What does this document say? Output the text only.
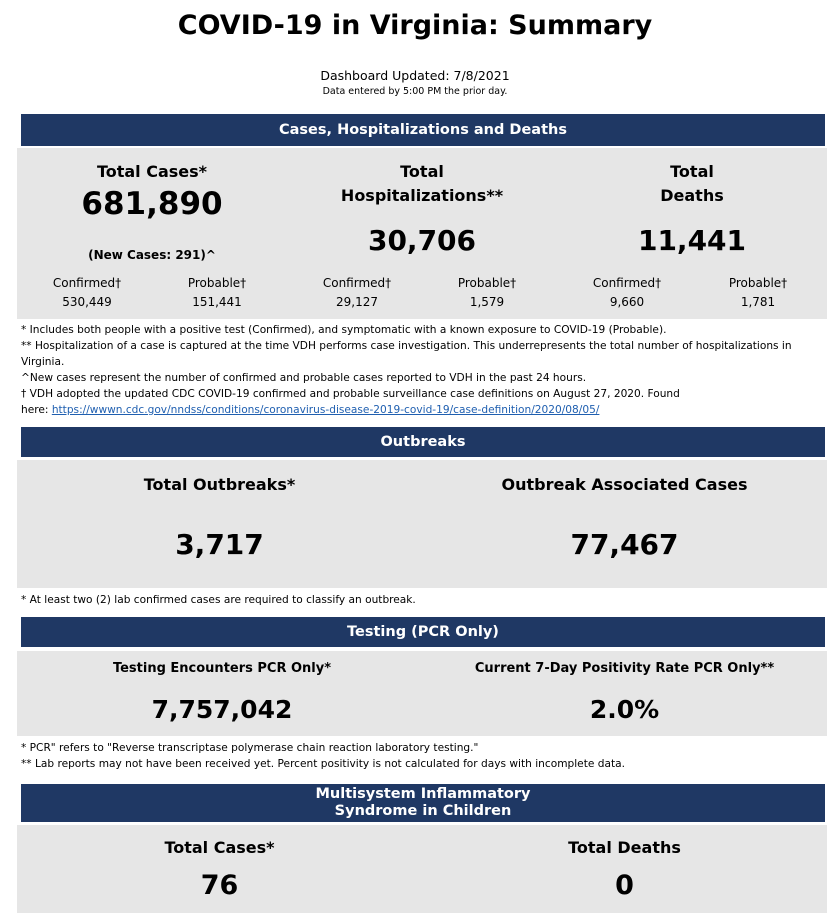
COVID-19 in Virginia: Summary
Dashboard Updated: 7/8/2021
Data entered by 5:00 PM the prior day.
Cases, Hospitalizations and Deaths
Total Cases*
681,890
(New Cases: 291)^
Confirmed†
530,449
Probable†
151,441
Total
Hospitalizations**
30,706
Confirmed†
29,127
Probable†
1,579
Total
Deaths
11,441
Confirmed†
9,660
Probable†
1,781
* Includes both people with a positive test (Confirmed), and symptomatic with a known exposure to COVID-19 (Probable).
** Hospitalization of a case is captured at the time VDH performs case investigation. This underrepresents the total number of hospitalizations in Virginia.
^New cases represent the number of confirmed and probable cases reported to VDH in the past 24 hours.
† VDH adopted the updated CDC COVID-19 confirmed and probable surveillance case definitions on August 27, 2020. Found
here: https://wwwn.cdc.gov/nndss/conditions/coronavirus-disease-2019-covid-19/case-definition/2020/08/05/
Outbreaks
Total Outbreaks*
3,717
Outbreak Associated Cases
77,467
* At least two (2) lab confirmed cases are required to classify an outbreak.
Testing (PCR Only)
Testing Encounters PCR Only*
7,757,042
Current 7-Day Positivity Rate PCR Only**
2.0%
* PCR" refers to "Reverse transcriptase polymerase chain reaction laboratory testing."
** Lab reports may not have been received yet. Percent positivity is not calculated for days with incomplete data.
Multisystem Inflammatory
Syndrome in Children
Total Cases*
76
Total Deaths
0
